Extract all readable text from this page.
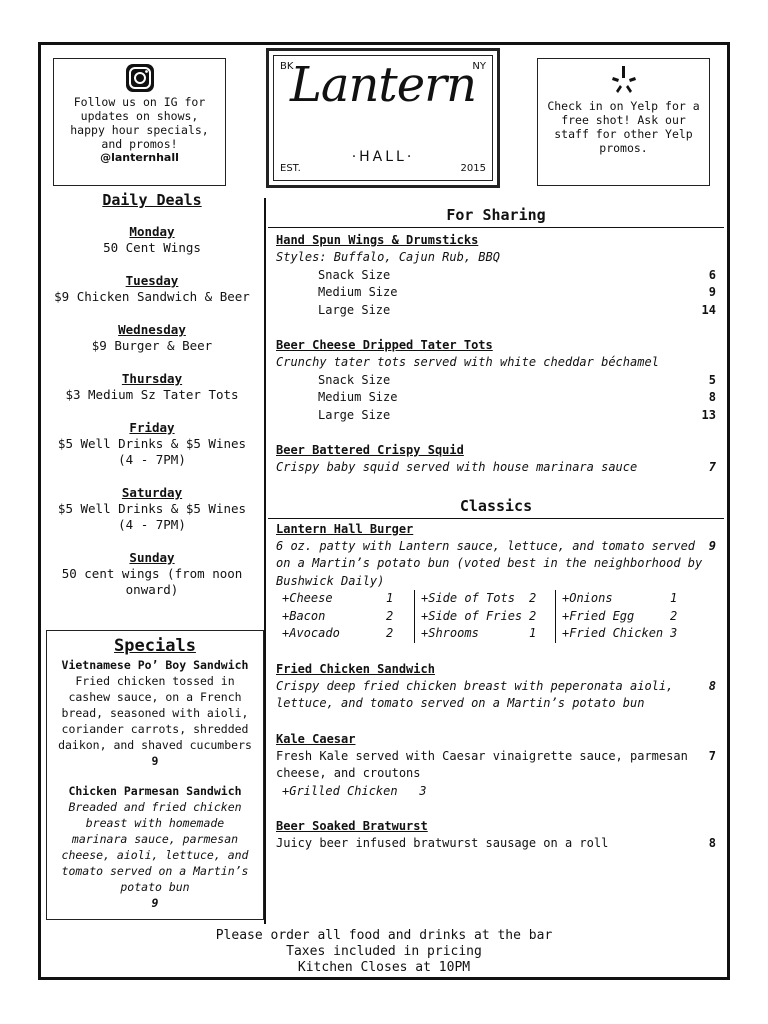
Follow us on IG for
updates on shows,
happy hour specials,
and promos!
@lanternhall
BK	NY
EST.	2015
Lantern
·HALL·
Check in on Yelp for a
free shot! Ask our
staff for other Yelp
promos.
Daily Deals
Monday
50 Cent Wings
Tuesday
$9 Chicken Sandwich & Beer
Wednesday
$9 Burger & Beer
Thursday
$3 Medium Sz Tater Tots
Friday
$5 Well Drinks & $5 Wines
(4 - 7PM)
Saturday
$5 Well Drinks & $5 Wines
(4 - 7PM)
Sunday
50 cent wings (from noon
onward)
Specials
Vietnamese Po’ Boy Sandwich
Fried chicken tossed in
cashew sauce, on a French
bread, seasoned with aioli,
coriander carrots, shredded
daikon, and shaved cucumbers
9
Chicken Parmesan Sandwich
Breaded and fried chicken
breast with homemade
marinara sauce, parmesan
cheese, aioli, lettuce, and
tomato served on a Martin’s
potato bun
9
For Sharing
Hand Spun Wings & Drumsticks
Styles: Buffalo, Cajun Rub, BBQ
Snack Size	6
Medium Size	9
Large Size	14
Beer Cheese Dripped Tater Tots
Crunchy tater tots served with white cheddar béchamel
Snack Size	5
Medium Size	8
Large Size	13
Beer Battered Crispy Squid
Crispy baby squid served with house marinara sauce	7
Classics
Lantern Hall Burger
6 oz. patty with Lantern sauce, lettuce, and tomato served 9
on a Martin’s potato bun (voted best in the neighborhood by
Bushwick Daily)
+Cheese	1	+Side of Tots	2	+Onions	1
+Bacon	2	+Side of Fries	2	+Fried Egg	2
+Avocado	2	+Shrooms	1	+Fried Chicken	3
Fried Chicken Sandwich
Crispy deep fried chicken breast with peperonata aioli,	8
lettuce, and tomato served on a Martin’s potato bun
Kale Caesar
Fresh Kale served with Caesar vinaigrette sauce, parmesan 7
cheese, and croutons
+Grilled Chicken 3
Beer Soaked Bratwurst
Juicy beer infused bratwurst sausage on a roll	8
Please order all food and drinks at the bar
Taxes included in pricing
Kitchen Closes at 10PM
